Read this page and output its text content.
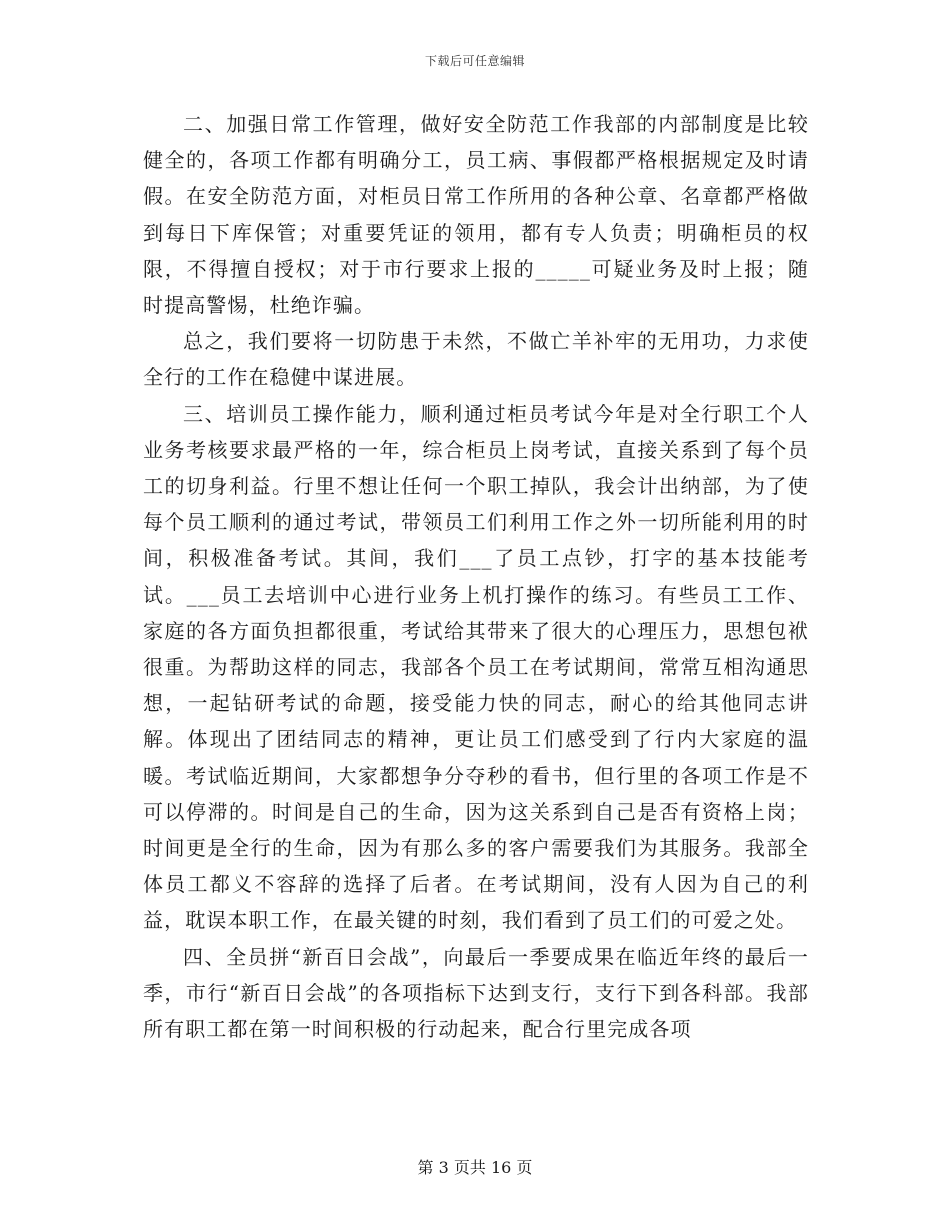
下载后可任意编辑

二、加强日常工作管理，做好安全防范工作我部的内部制度是比较健全的，各项工作都有明确分工，员工病、事假都严格根据规定及时请假。在安全防范方面，对柜员日常工作所用的各种公章、名章都严格做到每日下库保管；对重要凭证的领用，都有专人负责；明确柜员的权限，不得擅自授权；对于市行要求上报的_____可疑业务及时上报；随时提高警惕，杜绝诈骗。

总之，我们要将一切防患于未然，不做亡羊补牢的无用功，力求使全行的工作在稳健中谋进展。

三、培训员工操作能力，顺利通过柜员考试今年是对全行职工个人业务考核要求最严格的一年，综合柜员上岗考试，直接关系到了每个员工的切身利益。行里不想让任何一个职工掉队，我会计出纳部，为了使每个员工顺利的通过考试，带领员工们利用工作之外一切所能利用的时间，积极准备考试。其间，我们___了员工点钞，打字的基本技能考试。___员工去培训中心进行业务上机打操作的练习。有些员工工作、家庭的各方面负担都很重，考试给其带来了很大的心理压力，思想包袱很重。为帮助这样的同志，我部各个员工在考试期间，常常互相沟通思想，一起钻研考试的命题，接受能力快的同志，耐心的给其他同志讲解。体现出了团结同志的精神，更让员工们感受到了行内大家庭的温暖。考试临近期间，大家都想争分夺秒的看书，但行里的各项工作是不可以停滞的。时间是自己的生命，因为这关系到自己是否有资格上岗；时间更是全行的生命，因为有那么多的客户需要我们为其服务。我部全体员工都义不容辞的选择了后者。在考试期间，没有人因为自己的利益，耽误本职工作，在最关键的时刻，我们看到了员工们的可爱之处。

四、全员拼“新百日会战”，向最后一季要成果在临近年终的最后一季，市行“新百日会战”的各项指标下达到支行，支行下到各科部。我部所有职工都在第一时间积极的行动起来，配合行里完成各项

第 3 页共 16 页
